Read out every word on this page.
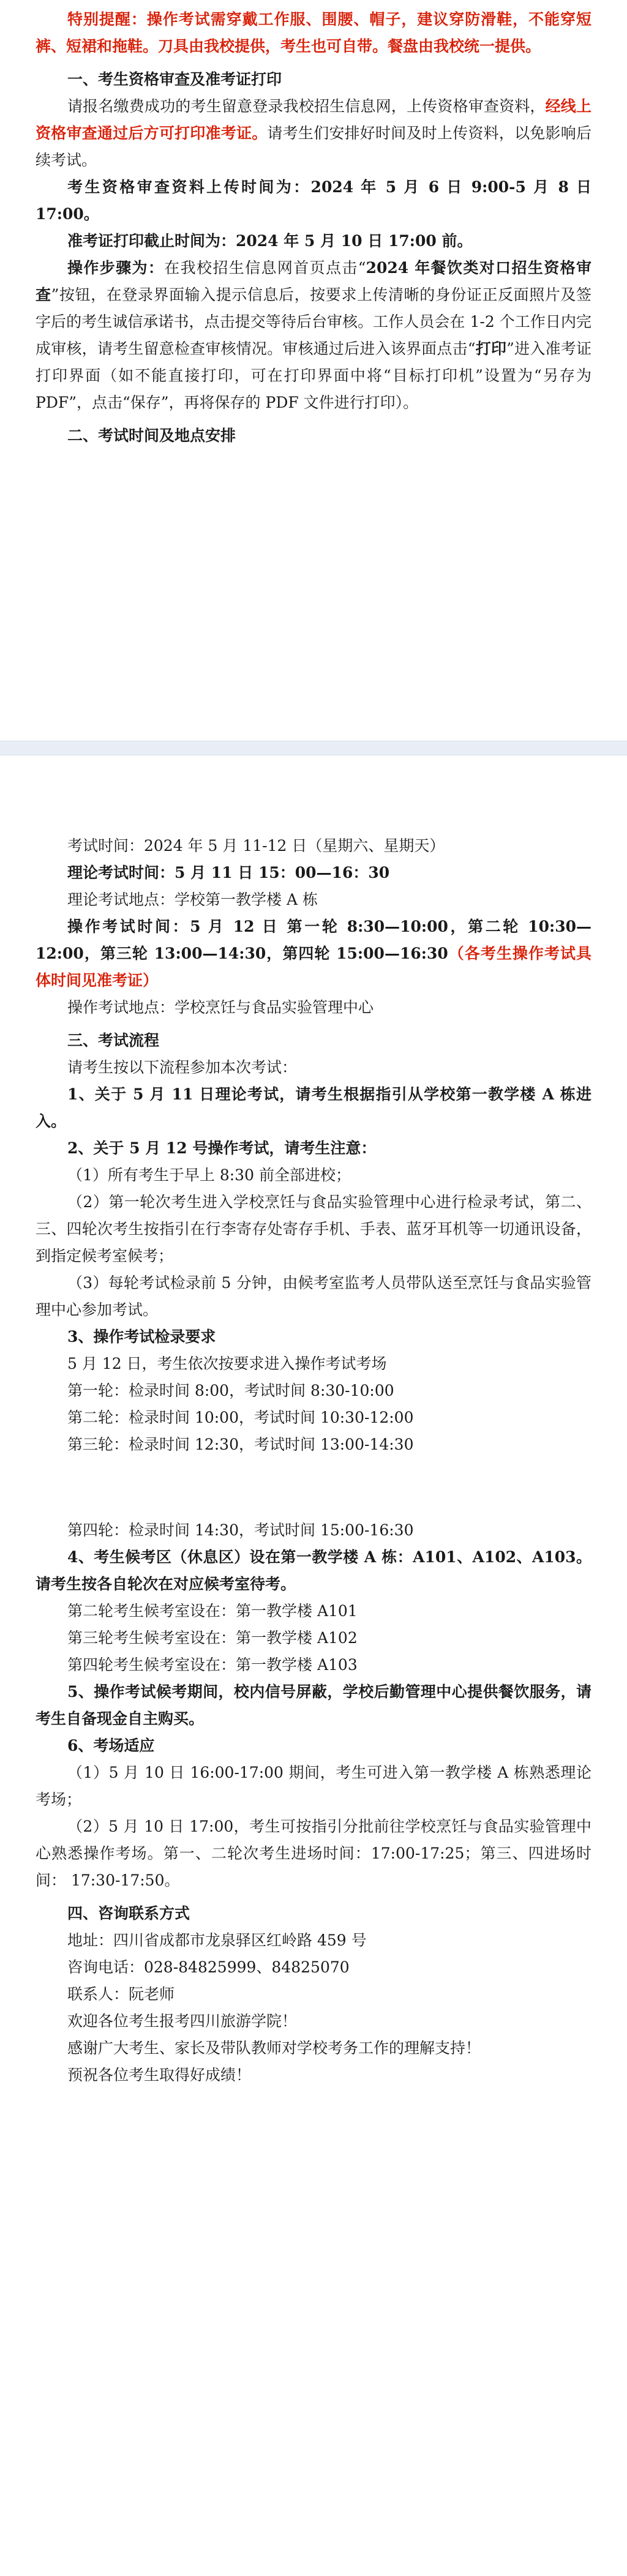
特别提醒：操作考试需穿戴工作服、围腰、帽子，建议穿防滑鞋，不能穿短裤、短裙和拖鞋。刀具由我校提供，考生也可自带。餐盘由我校统一提供。

一、考生资格审查及准考证打印

请报名缴费成功的考生留意登录我校招生信息网，上传资格审查资料，经线上资格审查通过后方可打印准考证。请考生们安排好时间及时上传资料，以免影响后续考试。

考生资格审查资料上传时间为：2024 年 5 月 6 日 9:00-5 月 8 日 17:00。

准考证打印截止时间为：2024 年 5 月 10 日 17:00 前。

操作步骤为：在我校招生信息网首页点击“2024 年餐饮类对口招生资格审查”按钮，在登录界面输入提示信息后，按要求上传清晰的身份证正反面照片及签字后的考生诚信承诺书，点击提交等待后台审核。工作人员会在 1-2 个工作日内完成审核，请考生留意检查审核情况。审核通过后进入该界面点击“打印”进入准考证打印界面（如不能直接打印，可在打印界面中将“目标打印机”设置为“另存为 PDF”，点击“保存”，再将保存的 PDF 文件进行打印）。

二、考试时间及地点安排

考试时间：2024 年 5 月 11-12 日（星期六、星期天）

理论考试时间：5 月 11 日 15：00—16：30

理论考试地点：学校第一教学楼 A 栋

操作考试时间：5 月 12 日 第一轮 8:30—10:00，第二轮 10:30—12:00，第三轮 13:00—14:30，第四轮 15:00—16:30（各考生操作考试具体时间见准考证）

操作考试地点：学校烹饪与食品实验管理中心

三、考试流程

请考生按以下流程参加本次考试：

1、关于 5 月 11 日理论考试，请考生根据指引从学校第一教学楼 A 栋进入。

2、关于 5 月 12 号操作考试，请考生注意：

（1）所有考生于早上 8:30 前全部进校；

（2）第一轮次考生进入学校烹饪与食品实验管理中心进行检录考试，第二、三、四轮次考生按指引在行李寄存处寄存手机、手表、蓝牙耳机等一切通讯设备，到指定候考室候考；

（3）每轮考试检录前 5 分钟，由候考室监考人员带队送至烹饪与食品实验管理中心参加考试。

3、操作考试检录要求

5 月 12 日，考生依次按要求进入操作考试考场

第一轮：检录时间 8:00，考试时间 8:30-10:00

第二轮：检录时间 10:00，考试时间 10:30-12:00

第三轮：检录时间 12:30，考试时间 13:00-14:30

第四轮：检录时间 14:30，考试时间 15:00-16:30

4、考生候考区（休息区）设在第一教学楼 A 栋：A101、A102、A103。请考生按各自轮次在对应候考室待考。

第二轮考生候考室设在：第一教学楼 A101

第三轮考生候考室设在：第一教学楼 A102

第四轮考生候考室设在：第一教学楼 A103

5、操作考试候考期间，校内信号屏蔽，学校后勤管理中心提供餐饮服务，请考生自备现金自主购买。

6、考场适应

（1）5 月 10 日 16:00-17:00 期间，考生可进入第一教学楼 A 栋熟悉理论考场；

（2）5 月 10 日 17:00，考生可按指引分批前往学校烹饪与食品实验管理中心熟悉操作考场。第一、二轮次考生进场时间：17:00-17:25；第三、四进场时间： 17:30-17:50。

四、咨询联系方式

地址：四川省成都市龙泉驿区红岭路 459 号

咨询电话：028-84825999、84825070

联系人：阮老师

欢迎各位考生报考四川旅游学院！

感谢广大考生、家长及带队教师对学校考务工作的理解支持！

预祝各位考生取得好成绩！
